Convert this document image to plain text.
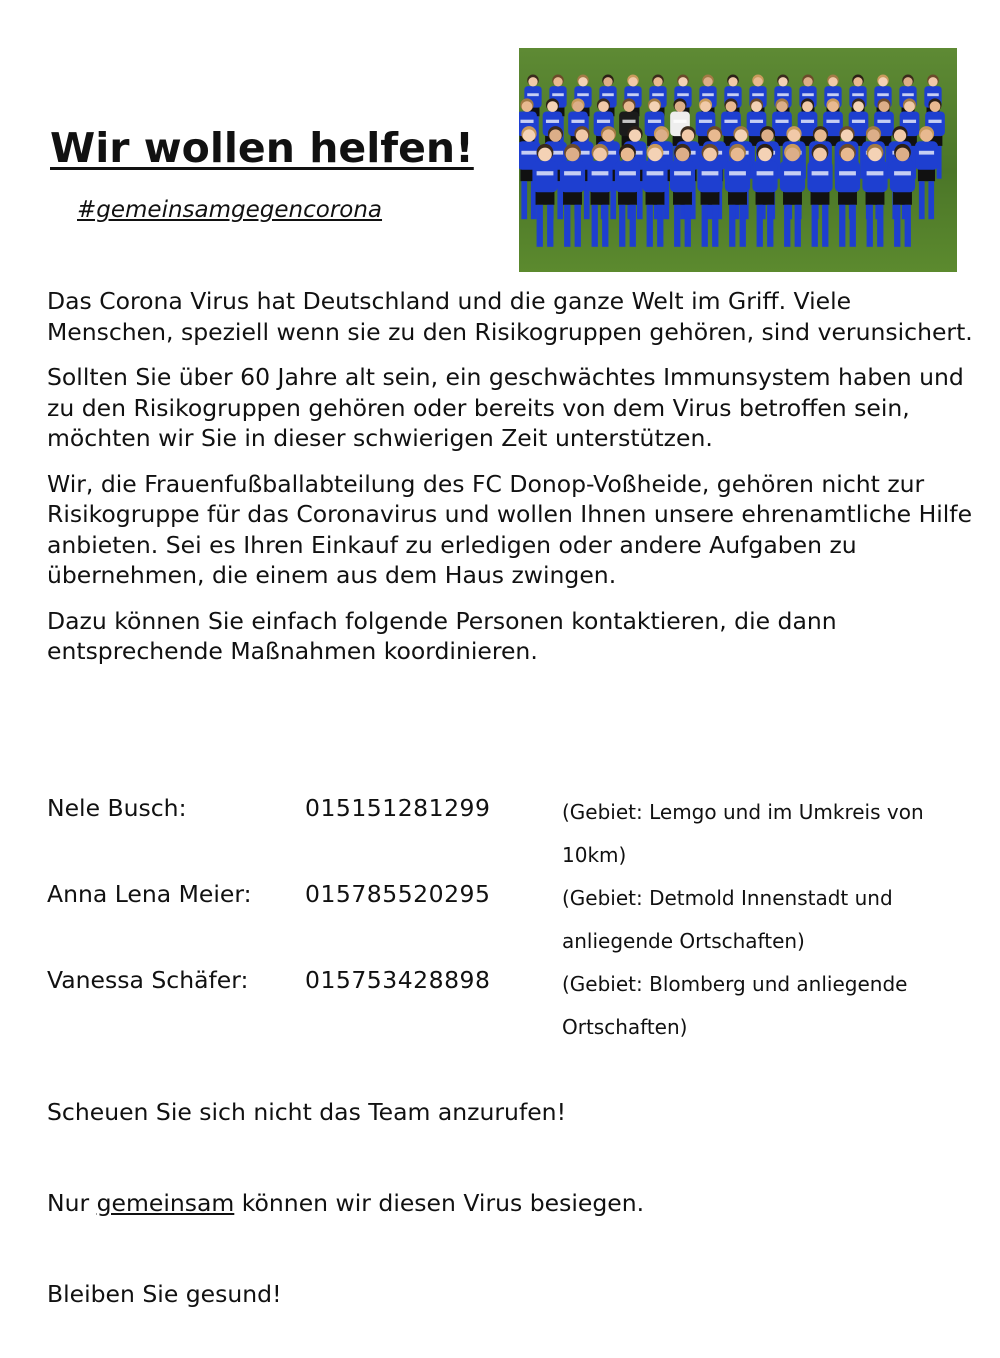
Wir wollen helfen!
#gemeinsamgegencorona

Das Corona Virus hat Deutschland und die ganze Welt im Griff. Viele Menschen, speziell wenn sie zu den Risikogruppen gehören, sind verunsichert.

Sollten Sie über 60 Jahre alt sein, ein geschwächtes Immunsystem haben und zu den Risikogruppen gehören oder bereits von dem Virus betroffen sein, möchten wir Sie in dieser schwierigen Zeit unterstützen.

Wir, die Frauenfußballabteilung des FC Donop-Voßheide, gehören nicht zur Risikogruppe für das Coronavirus und wollen Ihnen unsere ehrenamtliche Hilfe anbieten. Sei es Ihren Einkauf zu erledigen oder andere Aufgaben zu übernehmen, die einem aus dem Haus zwingen.

Dazu können Sie einfach folgende Personen kontaktieren, die dann entsprechende Maßnahmen koordinieren.

Nele Busch:	015151281299	(Gebiet: Lemgo und im Umkreis von 10km)
Anna Lena Meier: 015785520295	(Gebiet: Detmold Innenstadt und anliegende Ortschaften)
Vanessa Schäfer: 015753428898	(Gebiet: Blomberg und anliegende Ortschaften)
Scheuen Sie sich nicht das Team anzurufen!
Nur gemeinsam können wir diesen Virus besiegen.
Bleiben Sie gesund!
